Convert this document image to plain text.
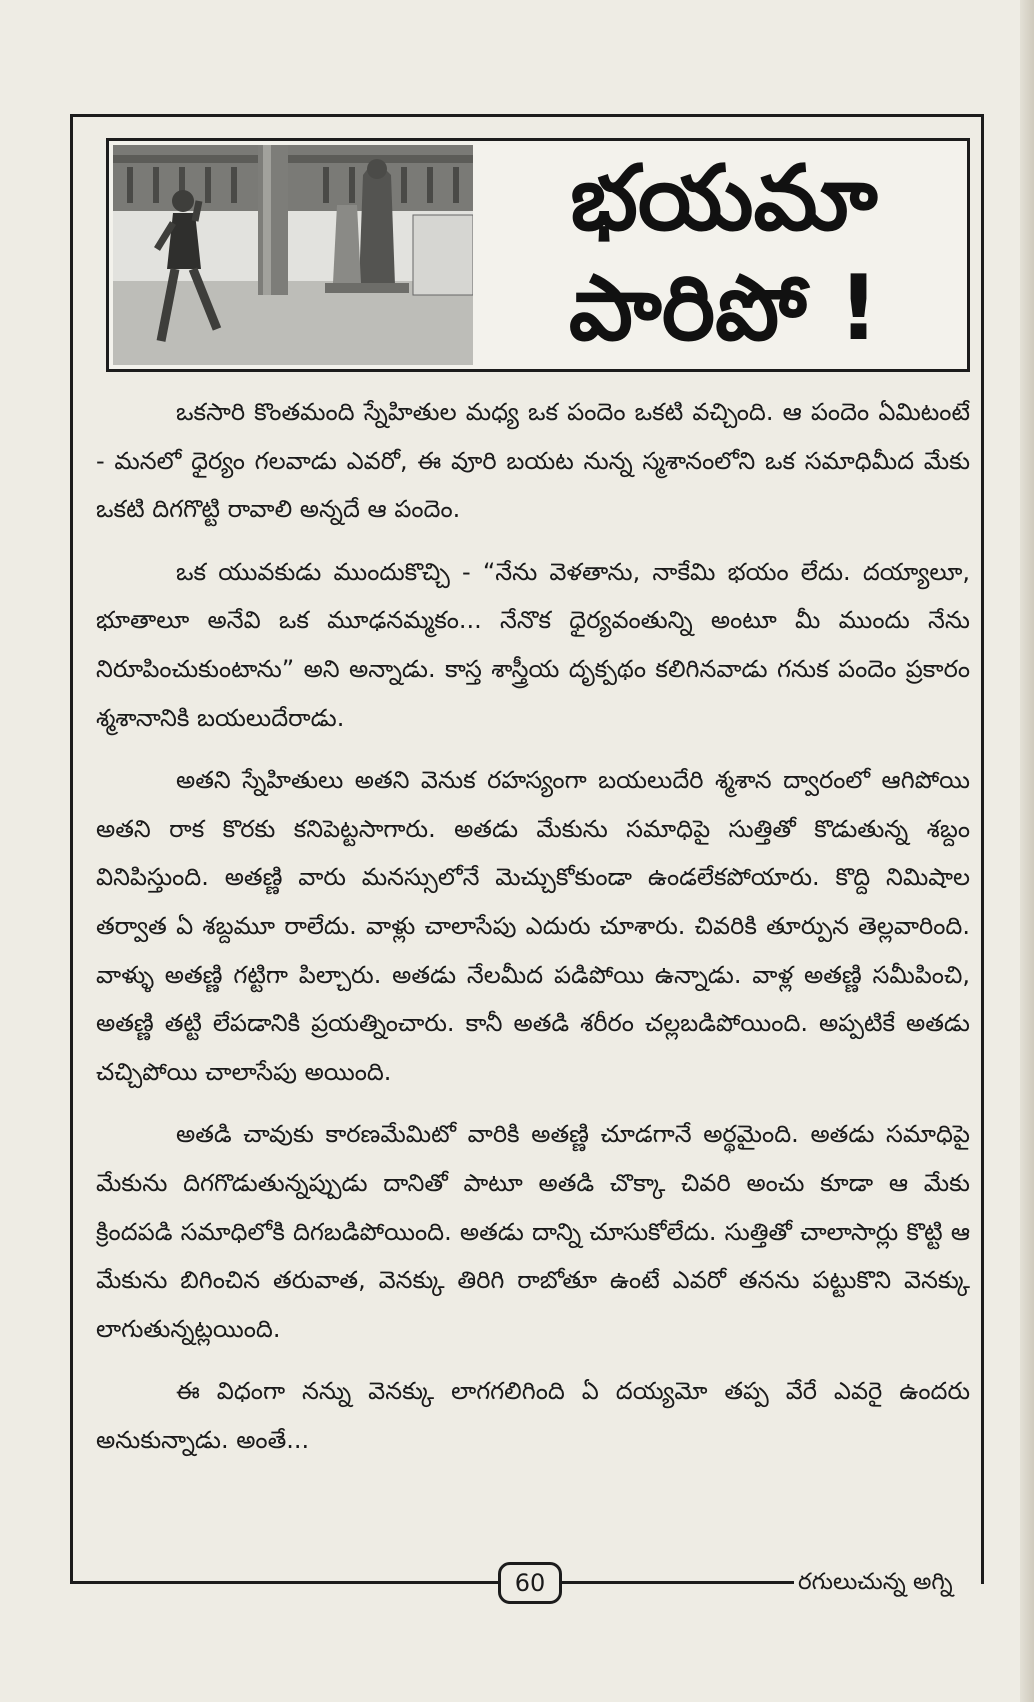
భయమా
పారిపో !

ఒకసారి కొంతమంది స్నేహితుల మధ్య ఒక పందెం ఒకటి వచ్చింది. ఆ పందెం ఏమిటంటే - మనలో ధైర్యం గలవాడు ఎవరో, ఈ వూరి బయట నున్న స్మశానంలోని ఒక సమాధిమీద మేకు ఒకటి దిగగొట్టి రావాలి అన్నదే ఆ పందెం.

ఒక యువకుడు ముందుకొచ్చి - “నేను వెళతాను, నాకేమి భయం లేదు. దయ్యాలూ, భూతాలూ అనేవి ఒక మూఢనమ్మకం... నేనొక ధైర్యవంతున్ని అంటూ మీ ముందు నేను నిరూపించుకుంటాను” అని అన్నాడు. కాస్త శాస్త్రీయ దృక్పథం కలిగినవాడు గనుక పందెం ప్రకారం శ్మశానానికి బయలుదేరాడు.

అతని స్నేహితులు అతని వెనుక రహస్యంగా బయలుదేరి శ్మశాన ద్వారంలో ఆగిపోయి అతని రాక కొరకు కనిపెట్టసాగారు. అతడు మేకును సమాధిపై సుత్తితో కొడుతున్న శబ్దం వినిపిస్తుంది. అతణ్ణి వారు మనస్సులోనే మెచ్చుకోకుండా ఉండలేకపోయారు. కొద్ది నిమిషాల తర్వాత ఏ శబ్దమూ రాలేదు. వాళ్లు చాలాసేపు ఎదురు చూశారు. చివరికి తూర్పున తెల్లవారింది. వాళ్ళు అతణ్ణి గట్టిగా పిల్చారు. అతడు నేలమీద పడిపోయి ఉన్నాడు. వాళ్ల అతణ్ణి సమీపించి, అతణ్ణి తట్టి లేపడానికి ప్రయత్నించారు. కానీ అతడి శరీరం చల్లబడిపోయింది. అప్పటికే అతడు చచ్చిపోయి చాలాసేపు అయింది.

అతడి చావుకు కారణమేమిటో వారికి అతణ్ణి చూడగానే అర్థమైంది. అతడు సమాధిపై మేకును దిగగొడుతున్నప్పుడు దానితో పాటూ అతడి చొక్కా చివరి అంచు కూడా ఆ మేకు క్రిందపడి సమాధిలోకి దిగబడిపోయింది. అతడు దాన్ని చూసుకోలేదు. సుత్తితో చాలాసార్లు కొట్టి ఆ మేకును బిగించిన తరువాత, వెనక్కు తిరిగి రాబోతూ ఉంటే ఎవరో తనను పట్టుకొని వెనక్కు లాగుతున్నట్లయింది.

ఈ విధంగా నన్ను వెనక్కు లాగగలిగింది ఏ దయ్యమో తప్ప వేరే ఎవరై ఉందరు అనుకున్నాడు. అంతే...

60	రగులుచున్న అగ్ని
